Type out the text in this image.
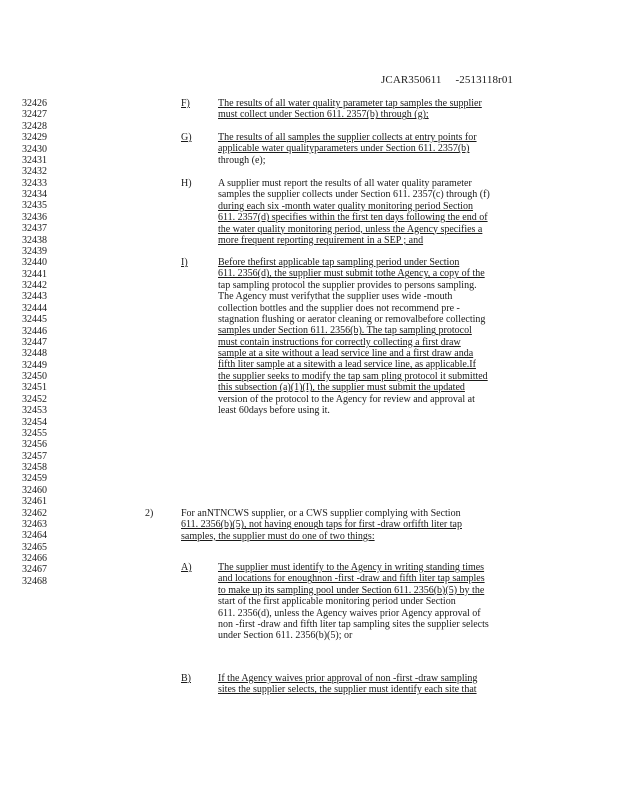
JCAR350611 -2513118r01
32426
32427
32428
32429
32430
32431
32432
32433
32434
32435
32436
32437
32438
32439
32440
32441
32442
32443
32444
32445
32446
32447
32448
32449
32450
32451
32452
32453
32454
32455
32456
32457
32458
32459
32460
32461
32462
32463
32464
32465
32466
32467
32468
F)	The results of all water quality parameter tap samples the supplier
must collect under Section 611. 2357(b) through (g);
G)	The results of all samples the supplier collects at entry points for
applicable water qualityparameters under Section 611. 2357(b)
through (e);
H)	A supplier must report the results of all water quality parameter
samples the supplier collects under Section 611. 2357(c) through (f)
during each six -month water quality monitoring period Section
611. 2357(d) specifies within the first ten days following the end of
the water quality monitoring period, unless the Agency specifies a
more frequent reporting requirement in a SEP ; and
I)	Before thefirst applicable tap sampling period under Section
611. 2356(d), the supplier must submit tothe Agency, a copy of the
tap sampling protocol the supplier provides to persons sampling.
The Agency must verifythat the supplier uses wide -mouth
collection bottles and the supplier does not recommend pre -
stagnation flushing or aerator cleaning or removalbefore collecting
samples under Section 611. 2356(b). The tap sampling protocol
must contain instructions for correctly collecting a first draw
sample at a site without a lead service line and a first draw anda
fifth liter sample at a sitewith a lead service line, as applicable.If
the supplier seeks to modify the tap sam pling protocol it submitted
this subsection (a)(1)(I), the supplier must submit the updated
version of the protocol to the Agency for review and approval at
least 60days before using it.
2)	For anNTNCWS supplier, or a CWS supplier complying with Section
611. 2356(b)(5), not having enough taps for first -draw orfifth liter tap
samples, the supplier must do one of two things:
A)	The supplier must identify to the Agency in writing standing times
and locations for enoughnon -first -draw and fifth liter tap samples
to make up its sampling pool under Section 611. 2356(b)(5) by the
start of the first applicable monitoring period under Section
611. 2356(d), unless the Agency waives prior Agency approval of
non -first -draw and fifth liter tap sampling sites the supplier selects
under Section 611. 2356(b)(5); or
B)	If the Agency waives prior approval of non -first -draw sampling
sites the supplier selects, the supplier must identify each site that
